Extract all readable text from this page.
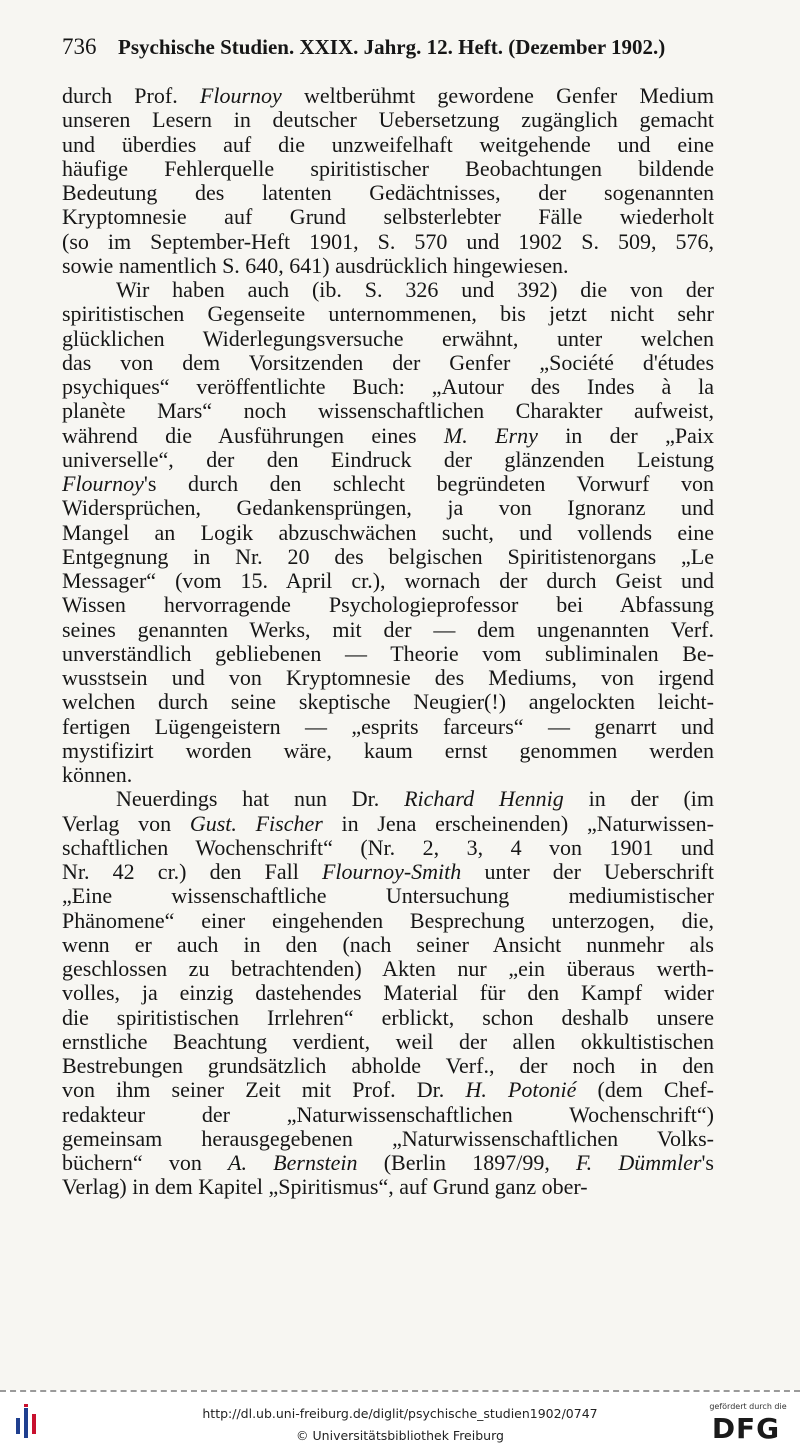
736 Psychische Studien. XXIX. Jahrg. 12. Heft. (Dezember 1902.)
durch Prof. Flournoy weltberühmt gewordene Genfer Medium
unseren Lesern in deutscher Uebersetzung zugänglich gemacht
und überdies auf die unzweifelhaft weitgehende und eine
häufige Fehlerquelle spiritistischer Beobachtungen bildende
Bedeutung des latenten Gedächtnisses, der sogenannten
Kryptomnesie auf Grund selbsterlebter Fälle wiederholt
(so im September-Heft 1901, S. 570 und 1902 S. 509, 576,
sowie namentlich S. 640, 641) ausdrücklich hingewiesen.
Wir haben auch (ib. S. 326 und 392) die von der
spiritistischen Gegenseite unternommenen, bis jetzt nicht sehr
glücklichen Widerlegungsversuche erwähnt, unter welchen
das von dem Vorsitzenden der Genfer „Société d'études
psychiques“ veröffentlichte Buch: „Autour des Indes à la
planète Mars“ noch wissenschaftlichen Charakter aufweist,
während die Ausführungen eines M. Erny in der „Paix
universelle“, der den Eindruck der glänzenden Leistung
Flournoy's durch den schlecht begründeten Vorwurf von
Widersprüchen, Gedankensprüngen, ja von Ignoranz und
Mangel an Logik abzuschwächen sucht, und vollends eine
Entgegnung in Nr. 20 des belgischen Spiritistenorgans „Le
Messager“ (vom 15. April cr.), wornach der durch Geist und
Wissen hervorragende Psychologieprofessor bei Abfassung
seines genannten Werks, mit der — dem ungenannten Verf.
unverständlich gebliebenen — Theorie vom subliminalen Be-
wusstsein und von Kryptomnesie des Mediums, von irgend
welchen durch seine skeptische Neugier(!) angelockten leicht-
fertigen Lügengeistern — „esprits farceurs“ — genarrt und
mystifizirt worden wäre, kaum ernst genommen werden
können.
Neuerdings hat nun Dr. Richard Hennig in der (im
Verlag von Gust. Fischer in Jena erscheinenden) „Naturwissen-
schaftlichen Wochenschrift“ (Nr. 2, 3, 4 von 1901 und
Nr. 42 cr.) den Fall Flournoy-Smith unter der Ueberschrift
„Eine wissenschaftliche Untersuchung mediumistischer
Phänomene“ einer eingehenden Besprechung unterzogen, die,
wenn er auch in den (nach seiner Ansicht nunmehr als
geschlossen zu betrachtenden) Akten nur „ein überaus werth-
volles, ja einzig dastehendes Material für den Kampf wider
die spiritistischen Irrlehren“ erblickt, schon deshalb unsere
ernstliche Beachtung verdient, weil der allen okkultistischen
Bestrebungen grundsätzlich abholde Verf., der noch in den
von ihm seiner Zeit mit Prof. Dr. H. Potonié (dem Chef-
redakteur der „Naturwissenschaftlichen Wochenschrift“)
gemeinsam herausgegebenen „Naturwissenschaftlichen Volks-
büchern“ von A. Bernstein (Berlin 1897/99, F. Dümmler's
Verlag) in dem Kapitel „Spiritismus“, auf Grund ganz ober-
http://dl.ub.uni-freiburg.de/diglit/psychische_studien1902/0747
© Universitätsbibliothek Freiburg
gefördert durch die
DFG
